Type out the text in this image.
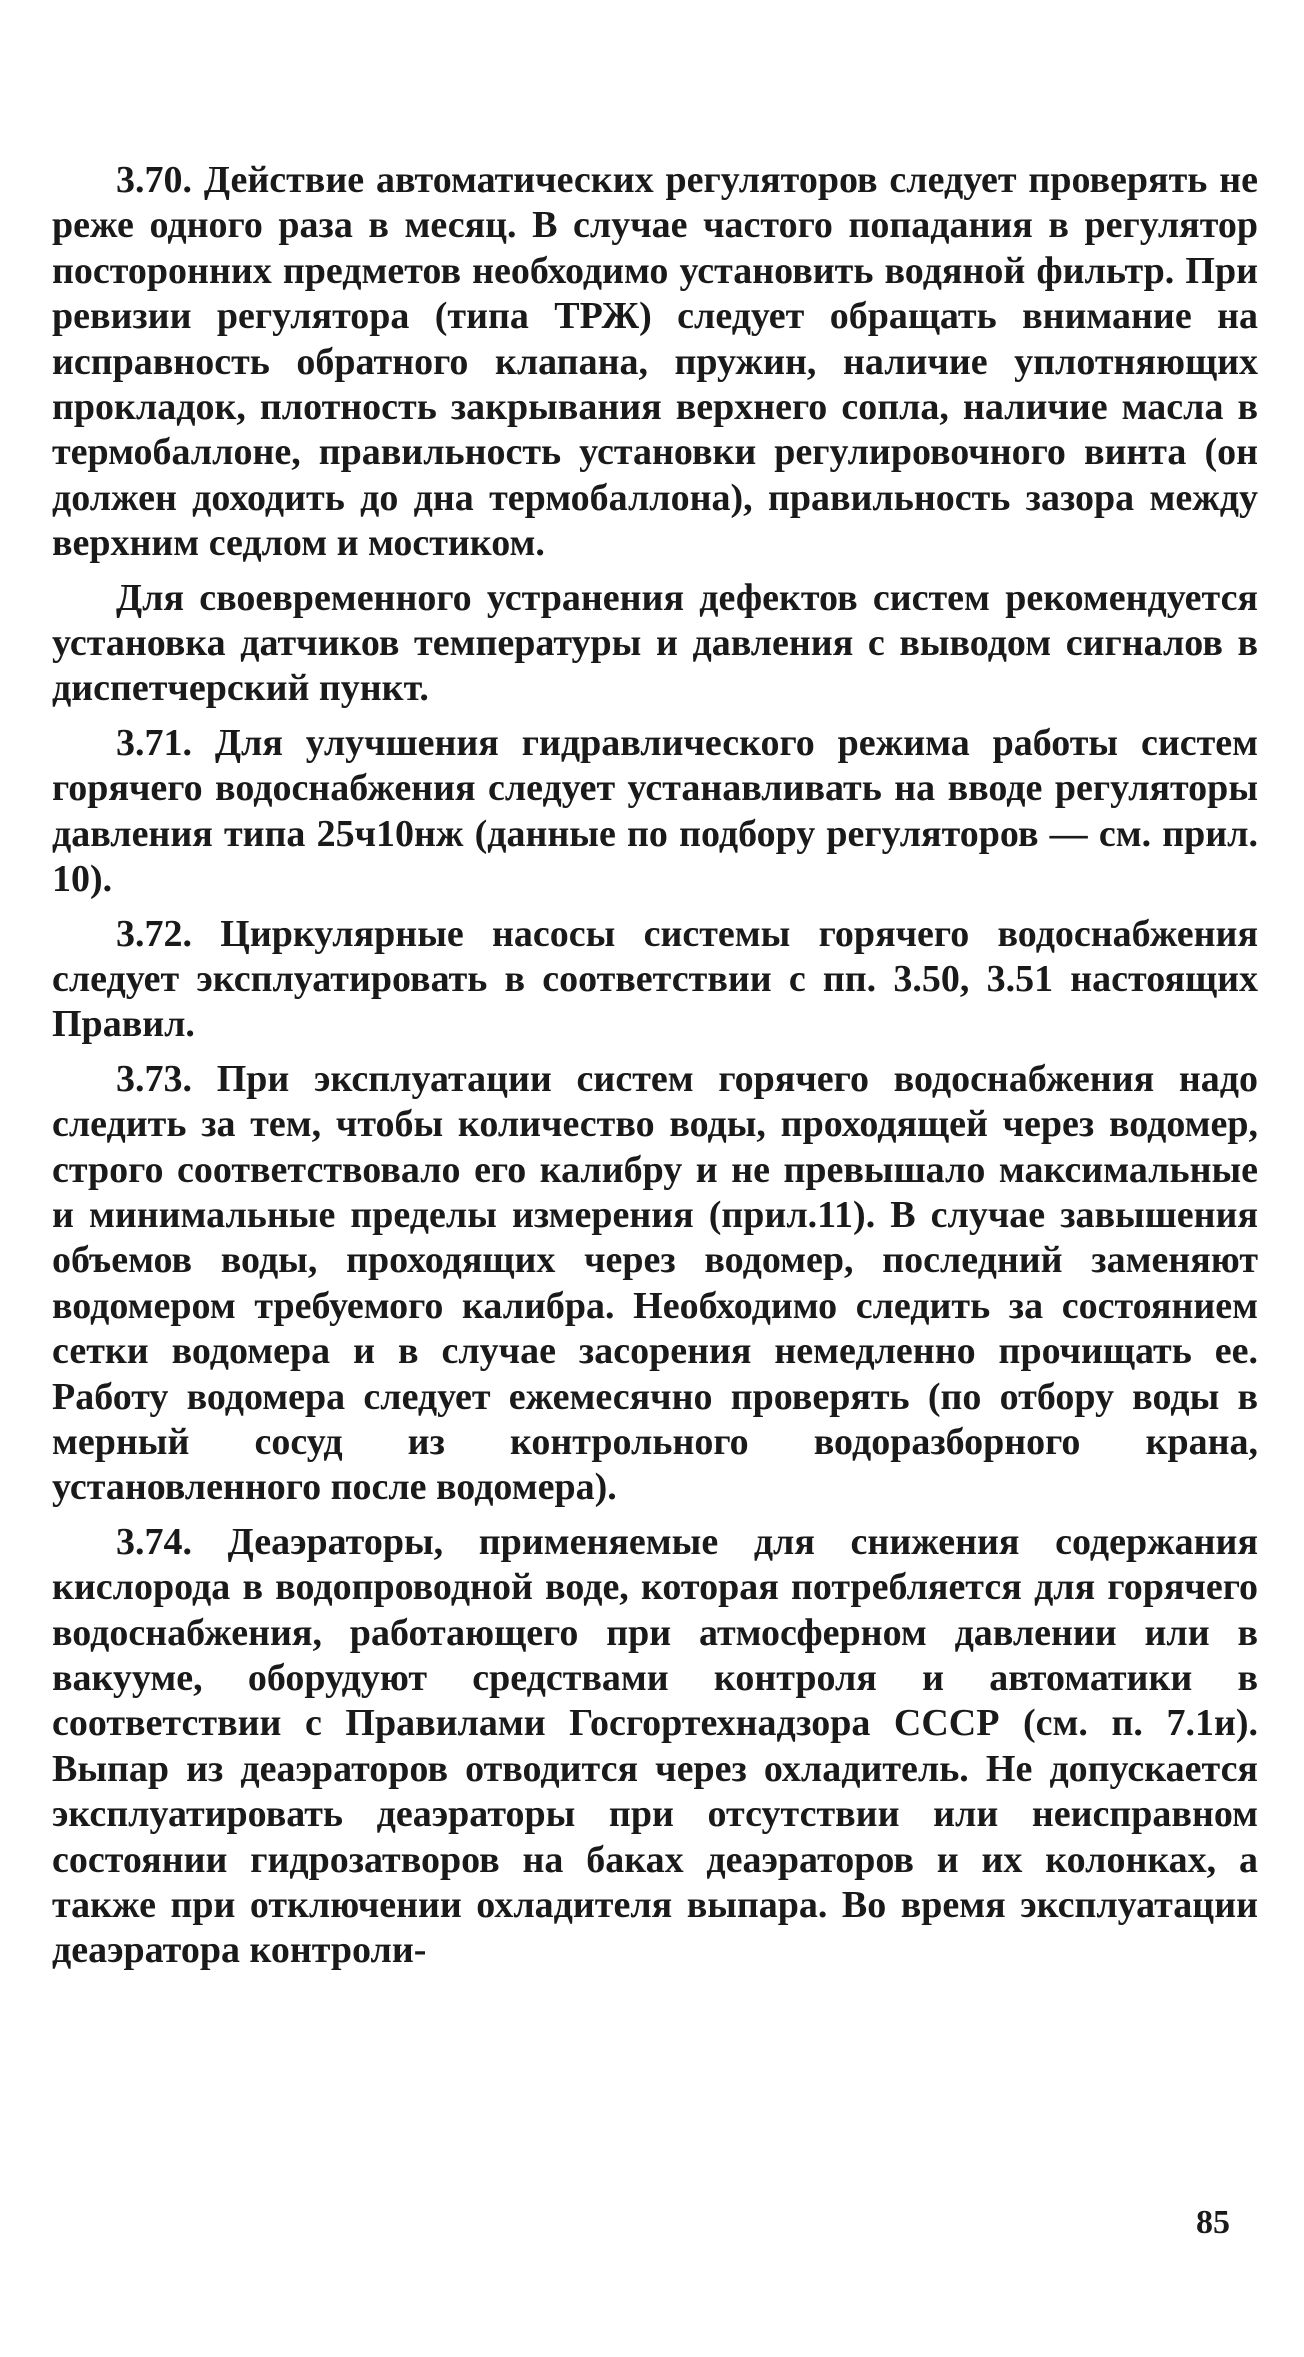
3.70. Действие автоматических регуляторов следует проверять не реже одного раза в месяц. В случае частого попадания в регулятор посторонних предметов необходимо установить водяной фильтр. При ревизии регулятора (типа ТРЖ) следует обращать внимание на исправность обратного клапана, пружин, наличие уплотняющих прокладок, плотность закрывания верхнего сопла, наличие масла в термобаллоне, правильность установки регулировочного винта (он должен доходить до дна термобаллона), правильность зазора между верхним седлом и мостиком.

Для своевременного устранения дефектов систем рекомендуется установка датчиков температуры и давления с выводом сигналов в диспетчерский пункт.

3.71. Для улучшения гидравлического режима работы систем горячего водоснабжения следует устанавливать на вводе регуляторы давления типа 25ч10нж (данные по подбору регуляторов — см. прил. 10).

3.72. Циркулярные насосы системы горячего водоснабжения следует эксплуатировать в соответствии с пп. 3.50, 3.51 настоящих Правил.

3.73. При эксплуатации систем горячего водоснабжения надо следить за тем, чтобы количество воды, проходящей через водомер, строго соответствовало его калибру и не превышало максимальные и минимальные пределы измерения (прил.11). В случае завышения объемов воды, проходящих через водомер, последний заменяют водомером требуемого калибра. Необходимо следить за состоянием сетки водомера и в случае засорения немедленно прочищать ее. Работу водомера следует ежемесячно проверять (по отбору воды в мерный сосуд из контрольного водоразборного крана, установленного после водомера).

3.74. Деаэраторы, применяемые для снижения содержания кислорода в водопроводной воде, которая потребляется для горячего водоснабжения, работающего при атмосферном давлении или в вакууме, оборудуют средствами контроля и автоматики в соответствии с Правилами Госгортехнадзора СССР (см. п. 7.1и). Выпар из деаэраторов отводится через охладитель. Не допускается эксплуатировать деаэраторы при отсутствии или неисправном состоянии гидрозатворов на баках деаэраторов и их колонках, а также при отключении охладителя выпара. Во время эксплуатации деаэратора контроли-

85
